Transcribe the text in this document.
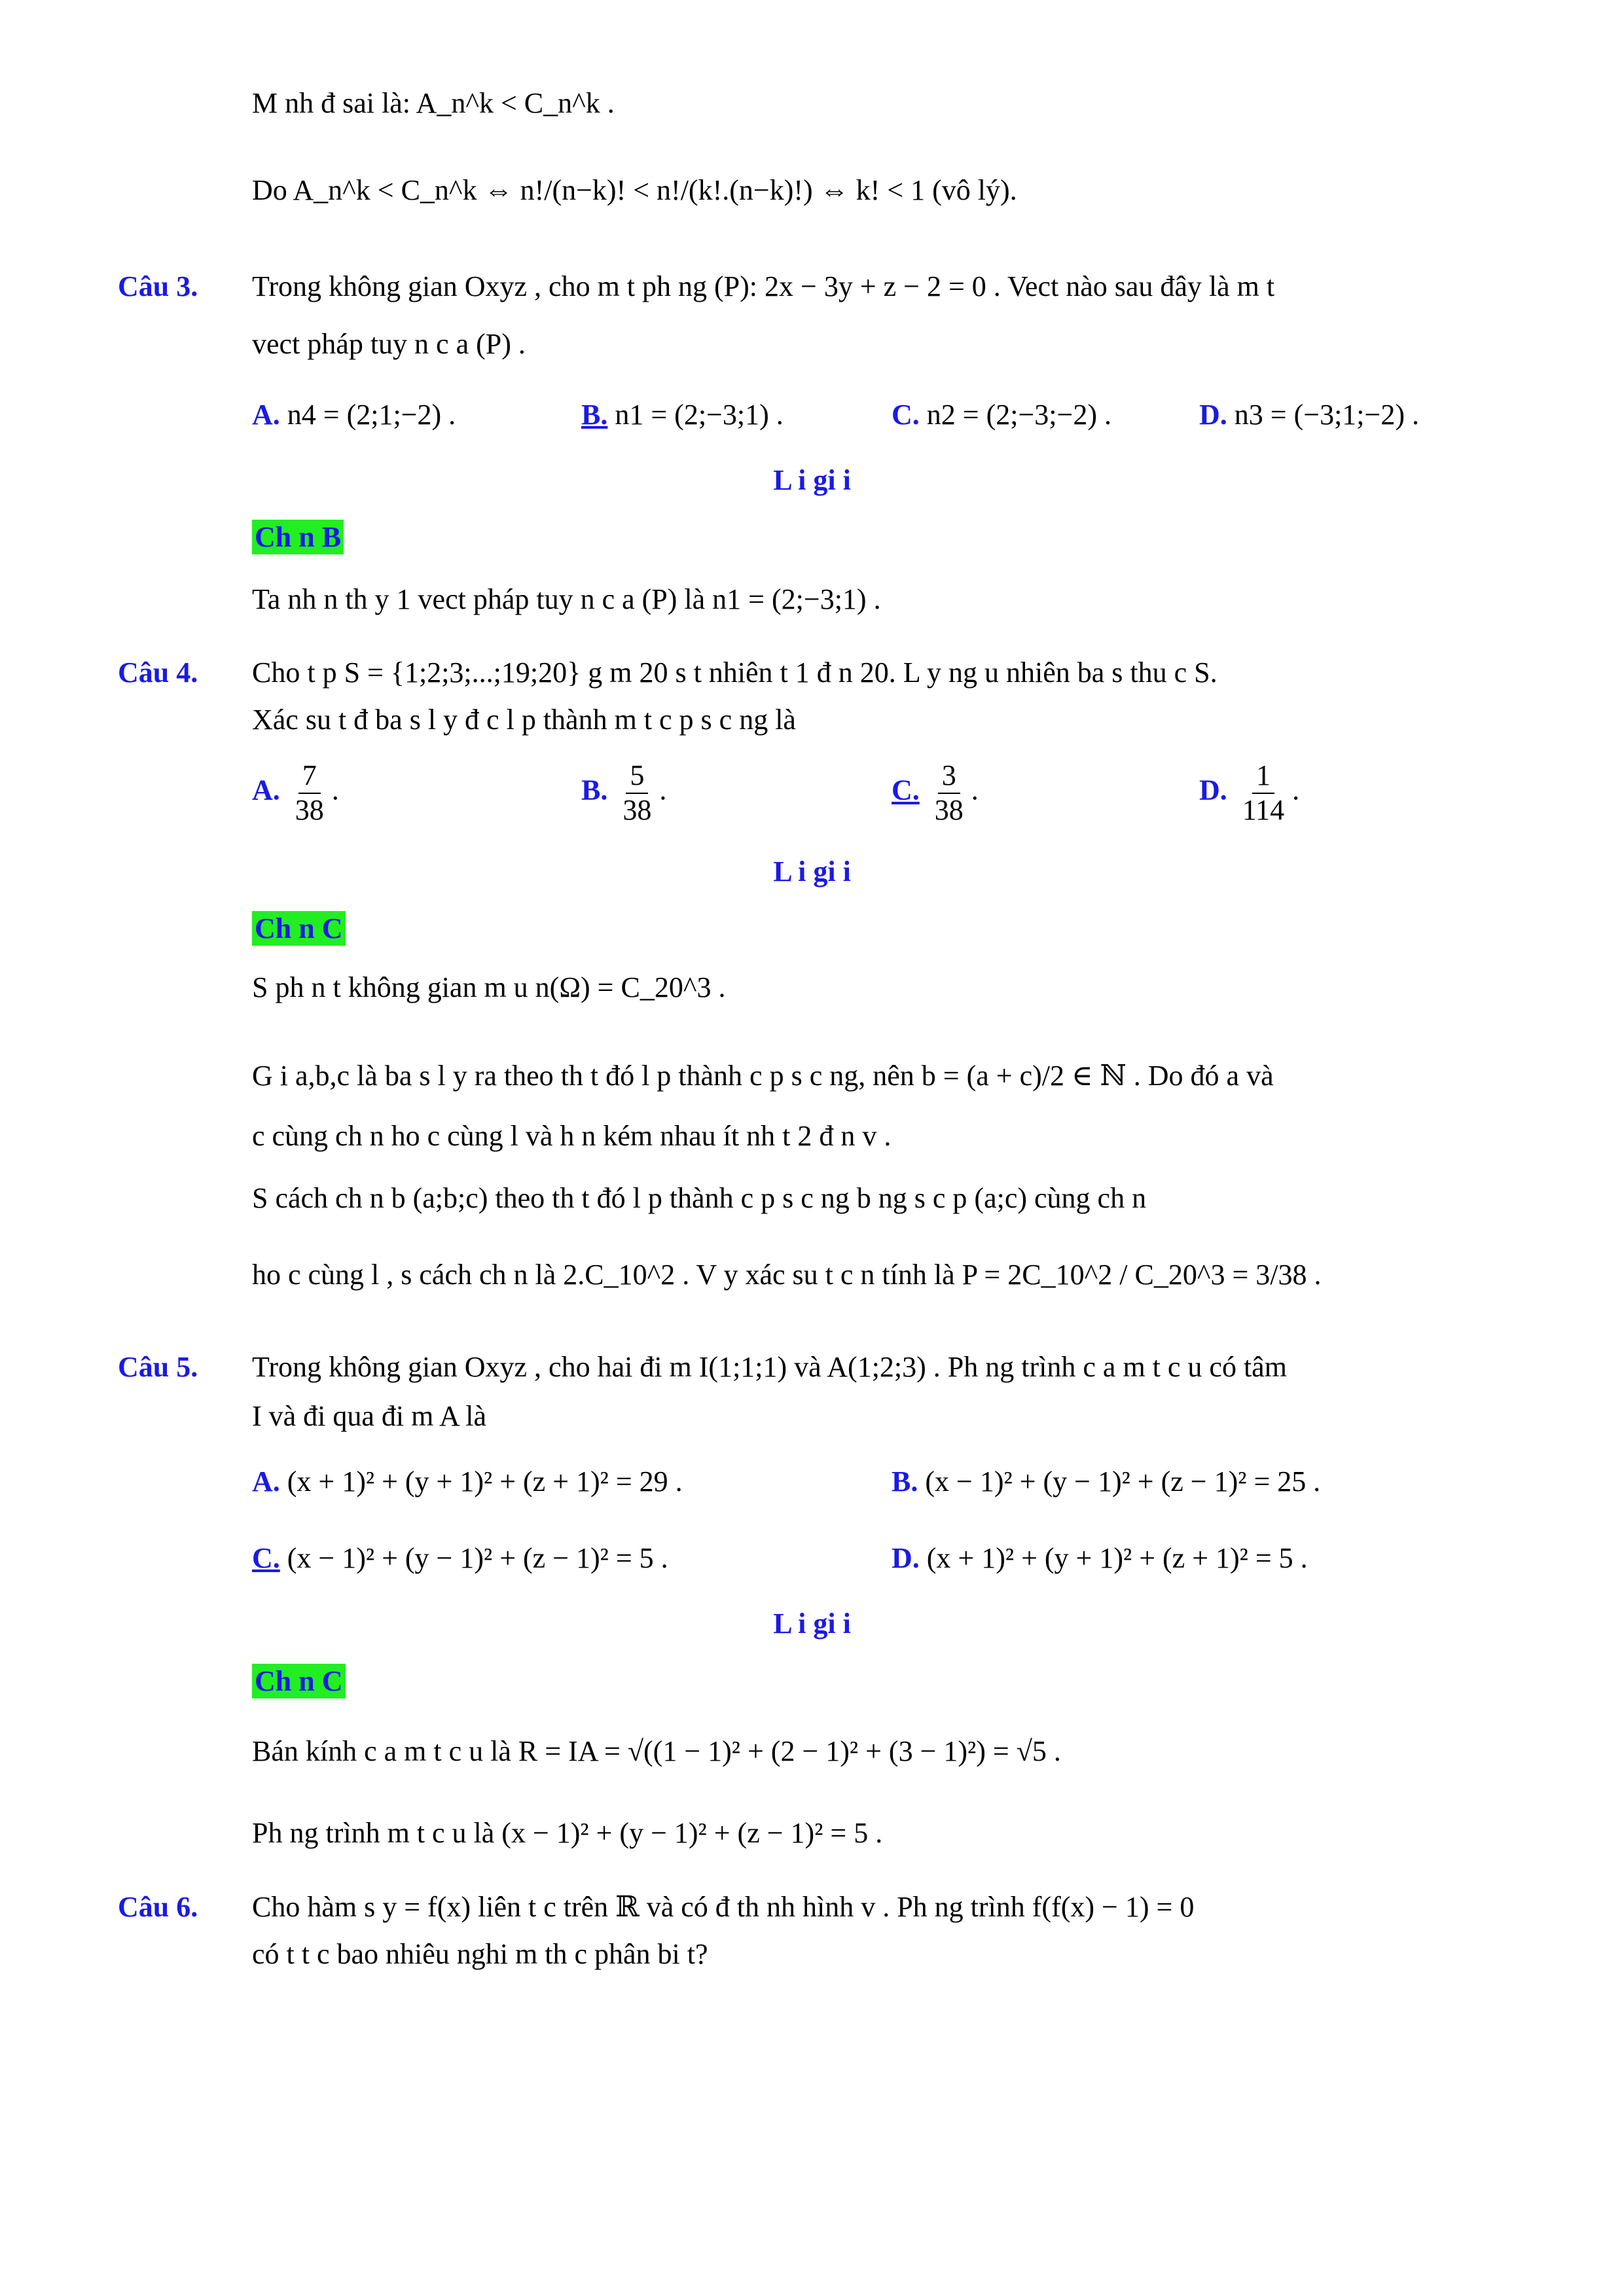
M nh đ sai là: A_n^k < C_n^k .
Do A_n^k < C_n^k ⇔ n!/(n−k)! < n!/(k!.(n−k)!) ⇔ k! < 1 (vô lý).
Câu 3. Trong không gian Oxyz , cho m t ph ng (P): 2x − 3y + z − 2 = 0 . Vect nào sau đây là m t
vect pháp tuy n c a (P) .
A. n4 = (2;1;−2) .	B. n1 = (2;−3;1) .	C. n2 = (2;−3;−2) .	D. n3 = (−3;1;−2) .
L i gi i
Ch n B
Ta nh n th y 1 vect pháp tuy n c a (P) là n1 = (2;−3;1) .
Câu 4. Cho t p S = {1;2;3;...;19;20} g m 20 s t nhiên t 1 đ n 20. L y ng u nhiên ba s thu c S.
Xác su t đ ba s l y đ c l p thành m t c p s c ng là
A. $\frac{7}{38}$ .	B. $\frac{5}{38}$ .	C. $\frac{3}{38}$ .	D. $\frac{1}{114}$ .
L i gi i
Ch n C
S ph n t không gian m u n(Ω) = C_20^3 .
G i a,b,c là ba s l y ra theo th t đó l p thành c p s c ng, nên b = (a + c)/2 ∈ ℕ . Do đó a và
c cùng ch n ho c cùng l và h n kém nhau ít nh t 2 đ n v .
S cách ch n b (a;b;c) theo th t đó l p thành c p s c ng b ng s c p (a;c) cùng ch n
ho c cùng l , s cách ch n là 2.C_10^2 . V y xác su t c n tính là P = 2C_10^2 / C_20^3 = 3/38 .
Câu 5. Trong không gian Oxyz , cho hai đi m I(1;1;1) và A(1;2;3) . Ph ng trình c a m t c u có tâm
I và đi qua đi m A là
A. (x + 1)² + (y + 1)² + (z + 1)² = 29 .	B. (x − 1)² + (y − 1)² + (z − 1)² = 25 .
C. (x − 1)² + (y − 1)² + (z − 1)² = 5 .	D. (x + 1)² + (y + 1)² + (z + 1)² = 5 .
L i gi i
Ch n C
Bán kính c a m t c u là R = IA = √((1 − 1)² + (2 − 1)² + (3 − 1)²) = √5 .
Ph ng trình m t c u là (x − 1)² + (y − 1)² + (z − 1)² = 5 .
Câu 6. Cho hàm s y = f(x) liên t c trên ℝ và có đ th nh hình v . Ph ng trình f(f(x) − 1) = 0
có t t c bao nhiêu nghi m th c phân bi t?
